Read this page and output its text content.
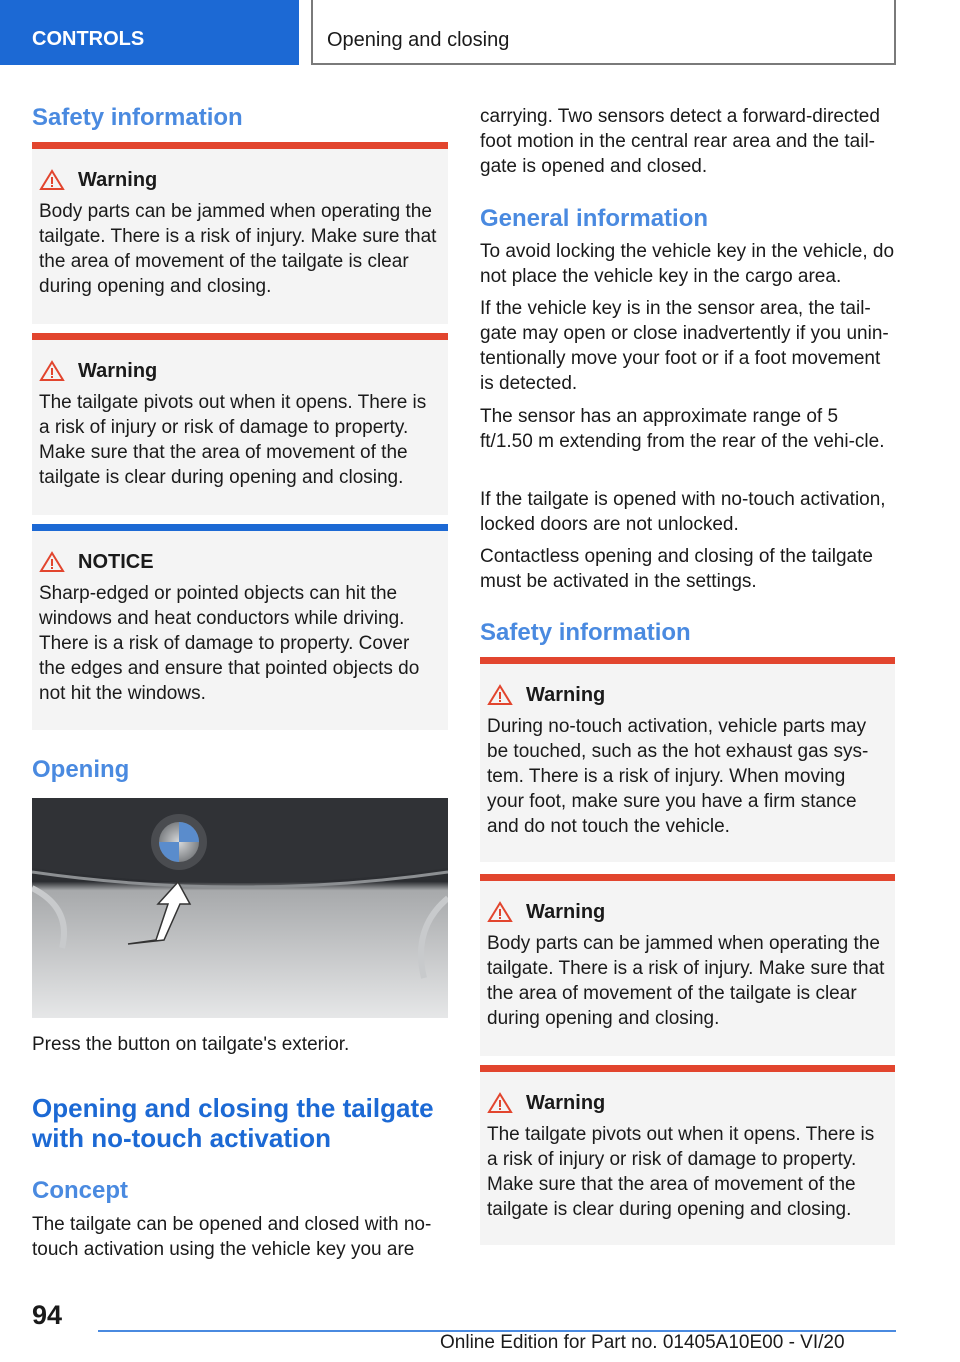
CONTROLS	Opening and closing
Safety information
Warning
Body parts can be jammed when operating the tailgate. There is a risk of injury. Make sure that the area of movement of the tailgate is clear during opening and closing.
Warning
The tailgate pivots out when it opens. There is a risk of injury or risk of damage to property. Make sure that the area of movement of the tailgate is clear during opening and closing.
NOTICE
Sharp-edged or pointed objects can hit the windows and heat conductors while driving. There is a risk of damage to property. Cover the edges and ensure that pointed objects do not hit the windows.
Opening

Press the button on tailgate's exterior.

Opening and closing the tailgate with no-touch activation
Concept

The tailgate can be opened and closed with no-touch activation using the vehicle key you are

carrying. Two sensors detect a forward-directed foot motion in the central rear area and the tail-gate is opened and closed.

General information

To avoid locking the vehicle key in the vehicle, do not place the vehicle key in the cargo area.

If the vehicle key is in the sensor area, the tail-gate may open or close inadvertently if you unin-tentionally move your foot or if a foot movement is detected.

The sensor has an approximate range of 5 ft/1.50 m extending from the rear of the vehi-cle.

If the tailgate is opened with no-touch activation, locked doors are not unlocked.

Contactless opening and closing of the tailgate must be activated in the settings.

Safety information
Warning
During no-touch activation, vehicle parts may be touched, such as the hot exhaust gas sys-tem. There is a risk of injury. When moving your foot, make sure you have a firm stance and do not touch the vehicle.
Warning
Body parts can be jammed when operating the tailgate. There is a risk of injury. Make sure that the area of movement of the tailgate is clear during opening and closing.
Warning
The tailgate pivots out when it opens. There is a risk of injury or risk of damage to property. Make sure that the area of movement of the tailgate is clear during opening and closing.
94
Online Edition for Part no. 01405A10E00 - VI/20
